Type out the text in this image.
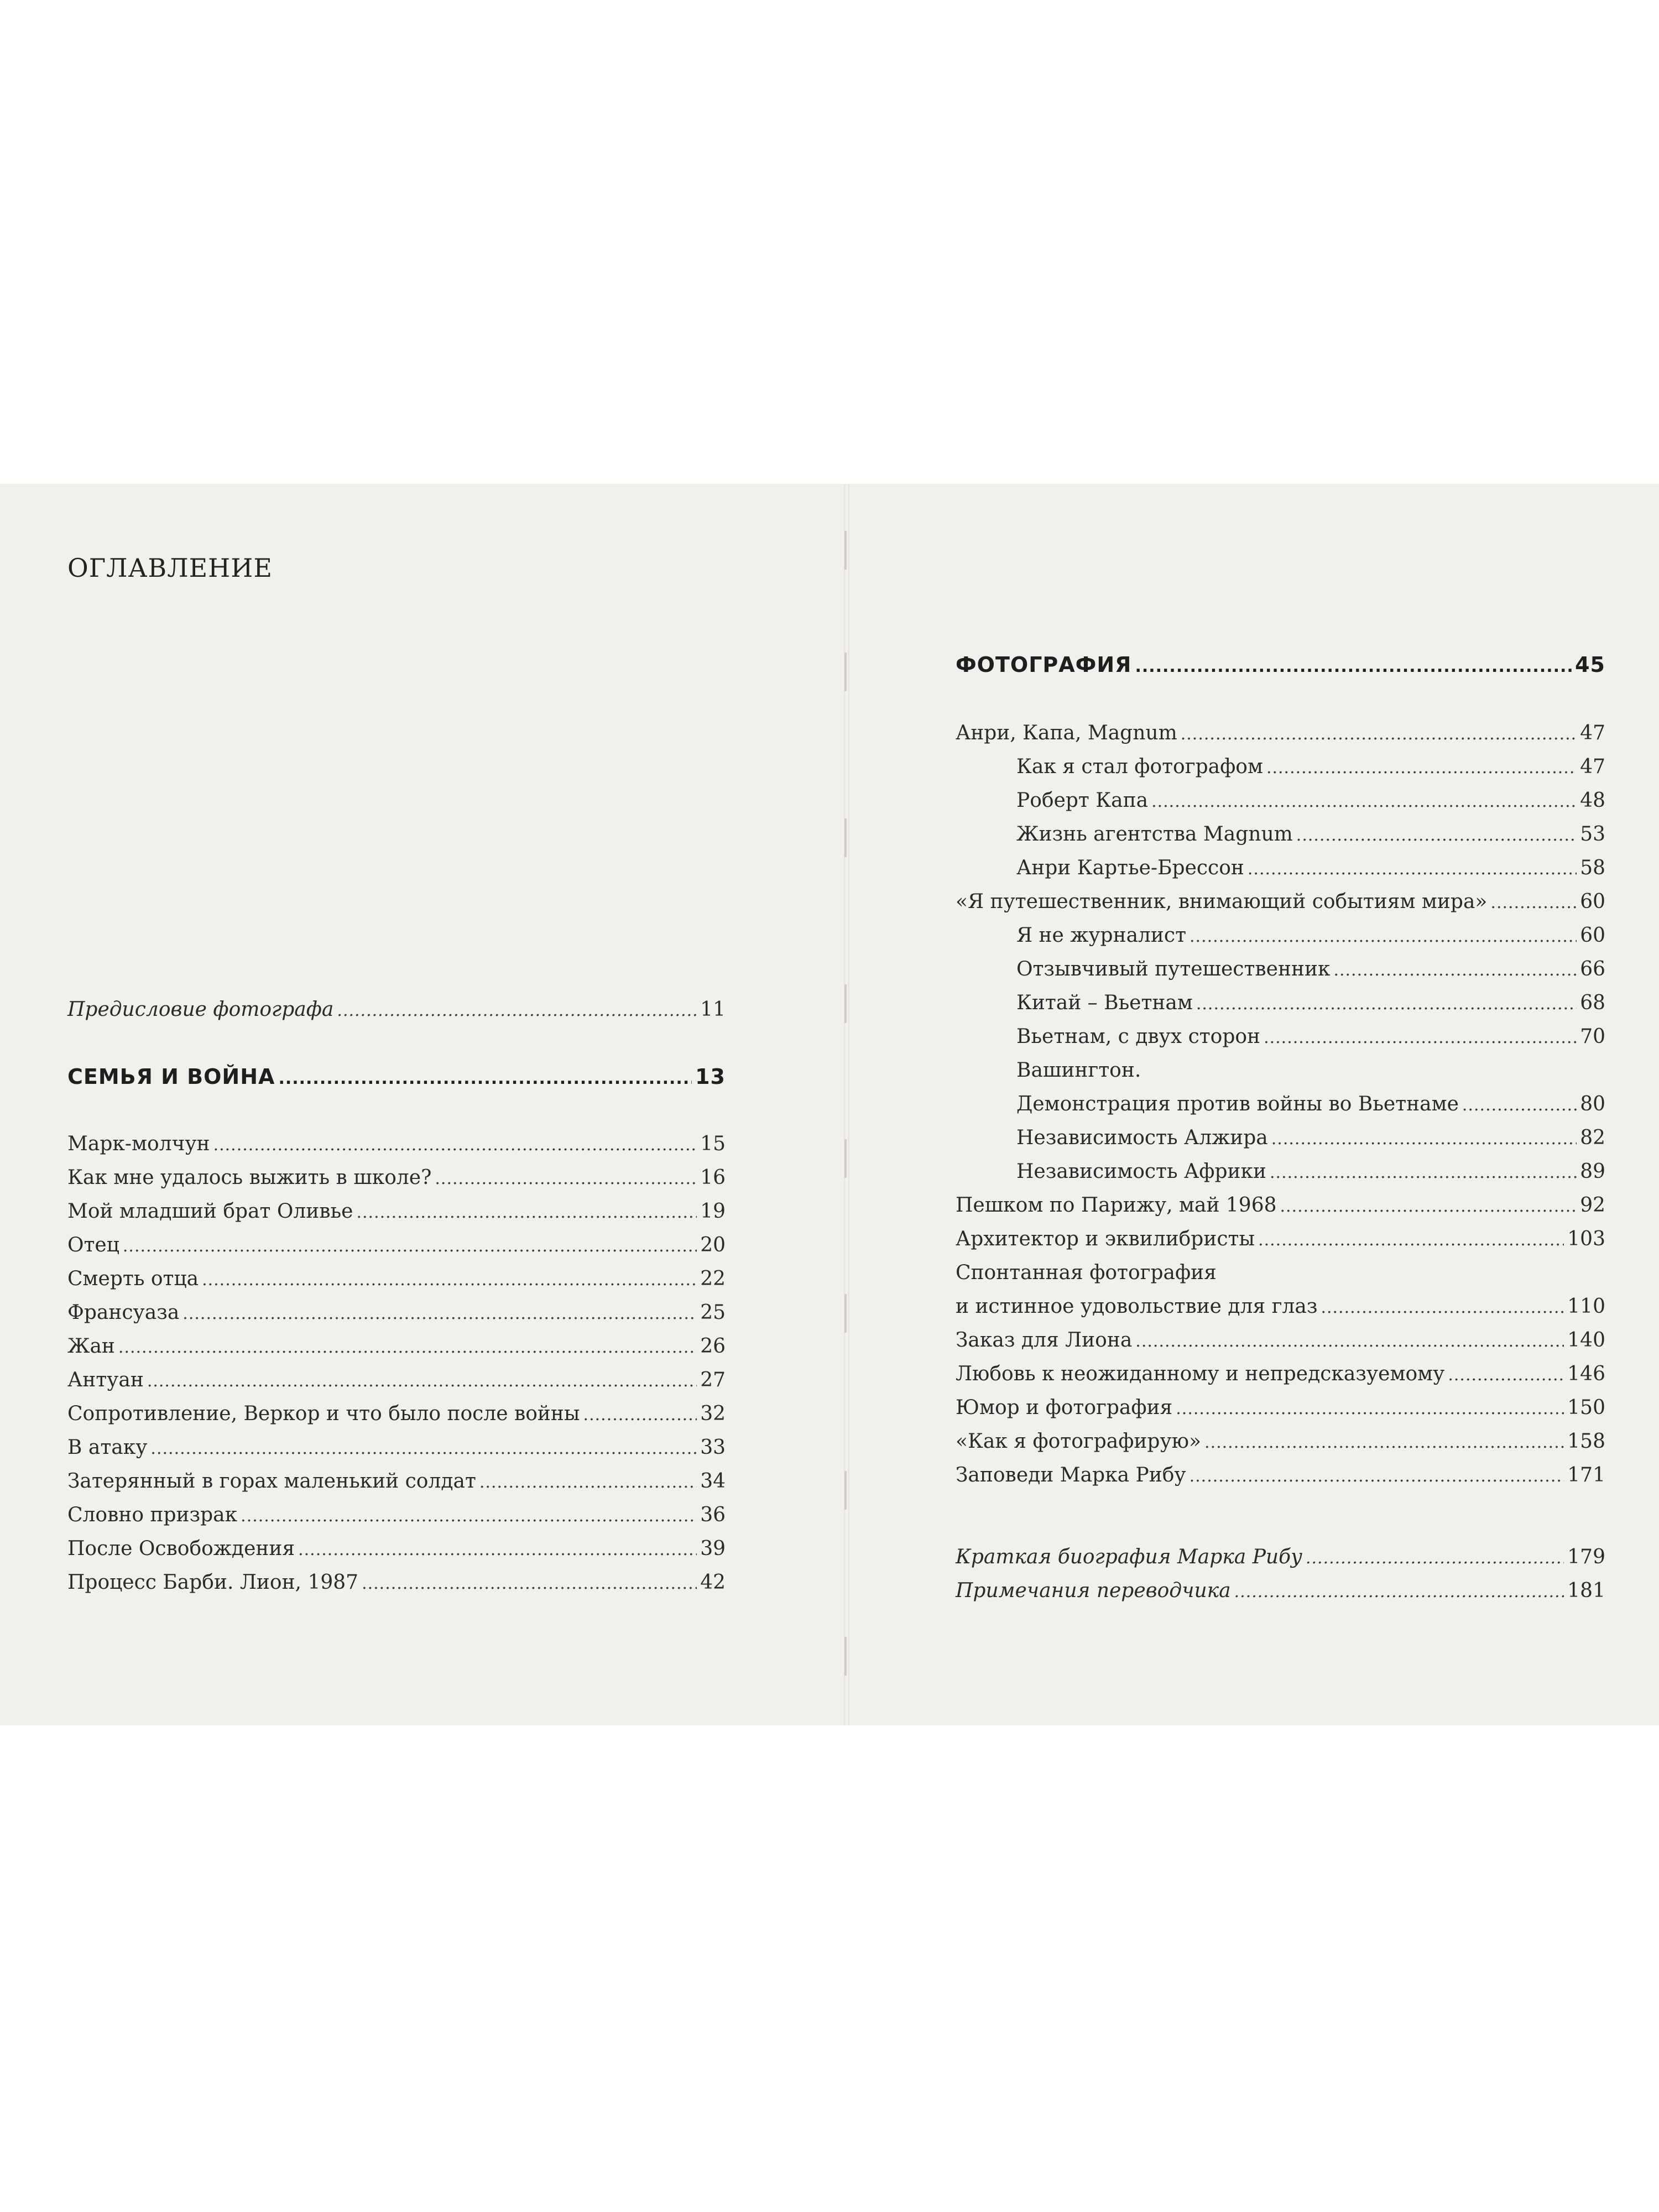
ОГЛАВЛЕНИЕ
Предисловие фотографа .....	11
СЕМЬЯ И ВОЙНА .....	13
Марк-молчун .....	15
Как мне удалось выжить в школе? .....	16
Мой младший брат Оливье .....	19
Отец .....	20
Смерть отца .....	22
Франсуаза .....	25
Жан .....	26
Антуан .....	27
Сопротивление, Веркор и что было после войны .....	32
В атаку .....	33
Затерянный в горах маленький солдат .....	34
Словно призрак .....	36
После Освобождения .....	39
Процесс Барби. Лион, 1987 .....	42
ФОТОГРАФИЯ .....	45
Анри, Капа, Magnum .....	47
Как я стал фотографом .....	47
Роберт Капа .....	48
Жизнь агентства Magnum .....	53
Анри Картье-Брессон .....	58
«Я путешественник, внимающий событиям мира» .....	60
Я не журналист .....	60
Отзывчивый путешественник .....	66
Китай – Вьетнам .....	68
Вьетнам, с двух сторон .....	70
Вашингтон.
Демонстрация против войны во Вьетнаме .....	80
Независимость Алжира .....	82
Независимость Африки .....	89
Пешком по Парижу, май 1968 .....	92
Архитектор и эквилибристы .....	103
Спонтанная фотография
и истинное удовольствие для глаз .....	110
Заказ для Лиона .....	140
Любовь к неожиданному и непредсказуемому .....	146
Юмор и фотография .....	150
«Как я фотографирую» .....	158
Заповеди Марка Рибу .....	171
Краткая биография Марка Рибу .....	179
Примечания переводчика .....	181
